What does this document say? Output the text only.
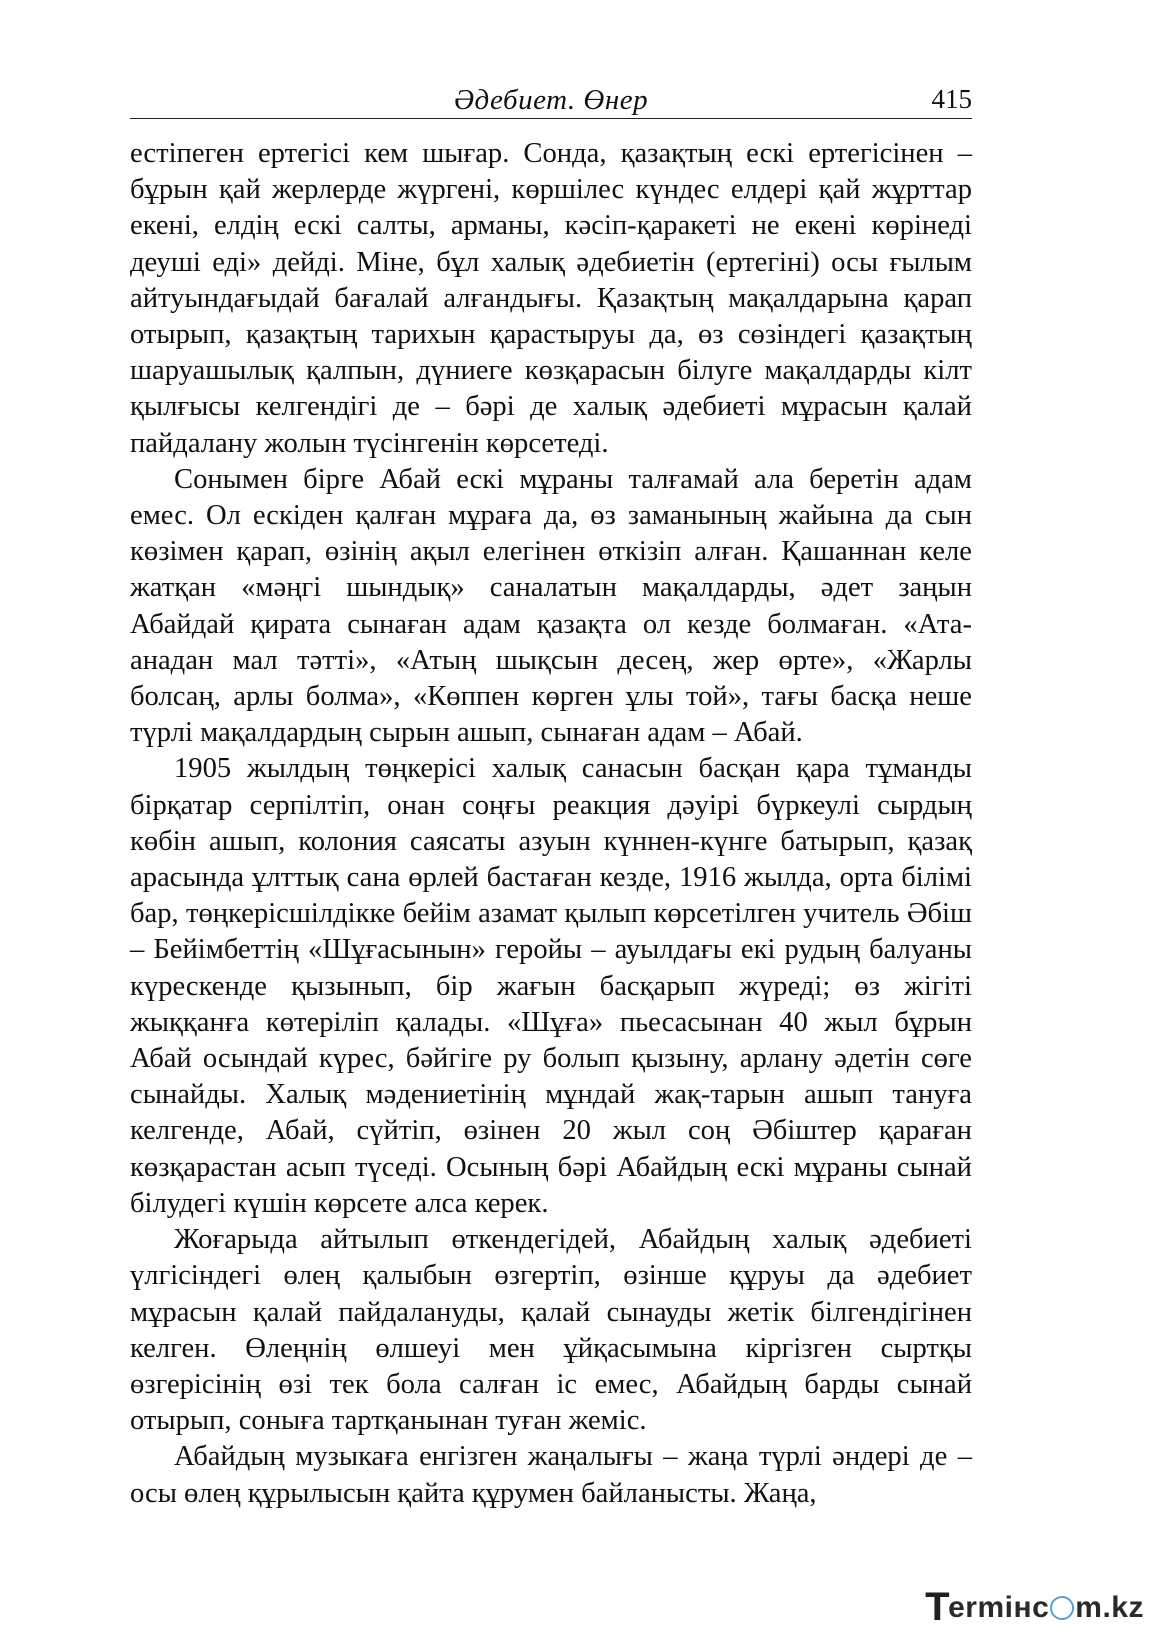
Әдебиет. Өнер	415

естіпеген ертегісі кем шығар. Сонда, қазақтың ескі ертегісінен – бұрын қай жерлерде жүргені, көршілес күндес елдері қай жұрттар екені, елдің ескі салты, арманы, кәсіп-қаракеті не екені көрінеді деуші еді» дейді. Міне, бұл халық әдебиетін (ертегіні) осы ғылым айтуындағыдай бағалай алғандығы. Қазақтың мақалдарына қарап отырып, қазақтың тарихын қарастыруы да, өз сөзіндегі қазақтың шаруашылық қалпын, дүниеге көзқарасын білуге мақалдарды кілт қылғысы келгендігі де – бәрі де халық әдебиеті мұрасын қалай пайдалану жолын түсінгенін көрсетеді.

Сонымен бірге Абай ескі мұраны талғамай ала беретін адам емес. Ол ескіден қалған мұраға да, өз заманының жайына да сын көзімен қарап, өзінің ақыл елегінен өткізіп алған. Қашаннан келе жатқан «мәңгі шындық» саналатын мақалдарды, әдет заңын Абайдай қирата сынаған адам қазақта ол кезде болмаған. «Ата-анадан мал тәтті», «Атың шықсын десең, жер өрте», «Жарлы болсаң, арлы болма», «Көппен көрген ұлы той», тағы басқа неше түрлі мақалдардың сырын ашып, сынаған адам – Абай.

1905 жылдың төңкерісі халық санасын басқан қара тұманды бірқатар серпілтіп, онан соңғы реакция дәуірі бүркеулі сырдың көбін ашып, колония саясаты азуын күннен-күнге батырып, қазақ арасында ұлттық сана өрлей бастаған кезде, 1916 жылда, орта білімі бар, төңкерісшілдікке бейім азамат қылып көрсетілген учитель Әбіш – Бейімбеттің «Шұғасынын» геройы – ауылдағы екі рудың балуаны күрескенде қызынып, бір жағын басқарып жүреді; өз жігіті жыққанға көтеріліп қалады. «Шұға» пьесасынан 40 жыл бұрын Абай осындай күрес, бәйгіге ру болып қызыну, арлану әдетін сөге сынайды. Халық мәдениетінің мұндай жақ-тарын ашып тануға келгенде, Абай, сүйтіп, өзінен 20 жыл соң Әбіштер қараған көзқарастан асып түседі. Осының бәрі Абайдың ескі мұраны сынай білудегі күшін көрсете алса керек.

Жоғарыда айтылып өткендегідей, Абайдың халық әдебиеті үлгісіндегі өлең қалыбын өзгертіп, өзінше құруы да әдебиет мұрасын қалай пайдалануды, қалай сынауды жетік білгендігінен келген. Өлеңнің өлшеуі мен ұйқасымына кіргізген сыртқы өзгерісінің өзі тек бола салған іс емес, Абайдың барды сынай отырып, соныға тартқанынан туған жеміс.

Абайдың музыкаға енгізген жаңалығы – жаңа түрлі әндері де – осы өлең құрылысын қайта құрумен байланысты. Жаңа,

T
ermінc m.kz
